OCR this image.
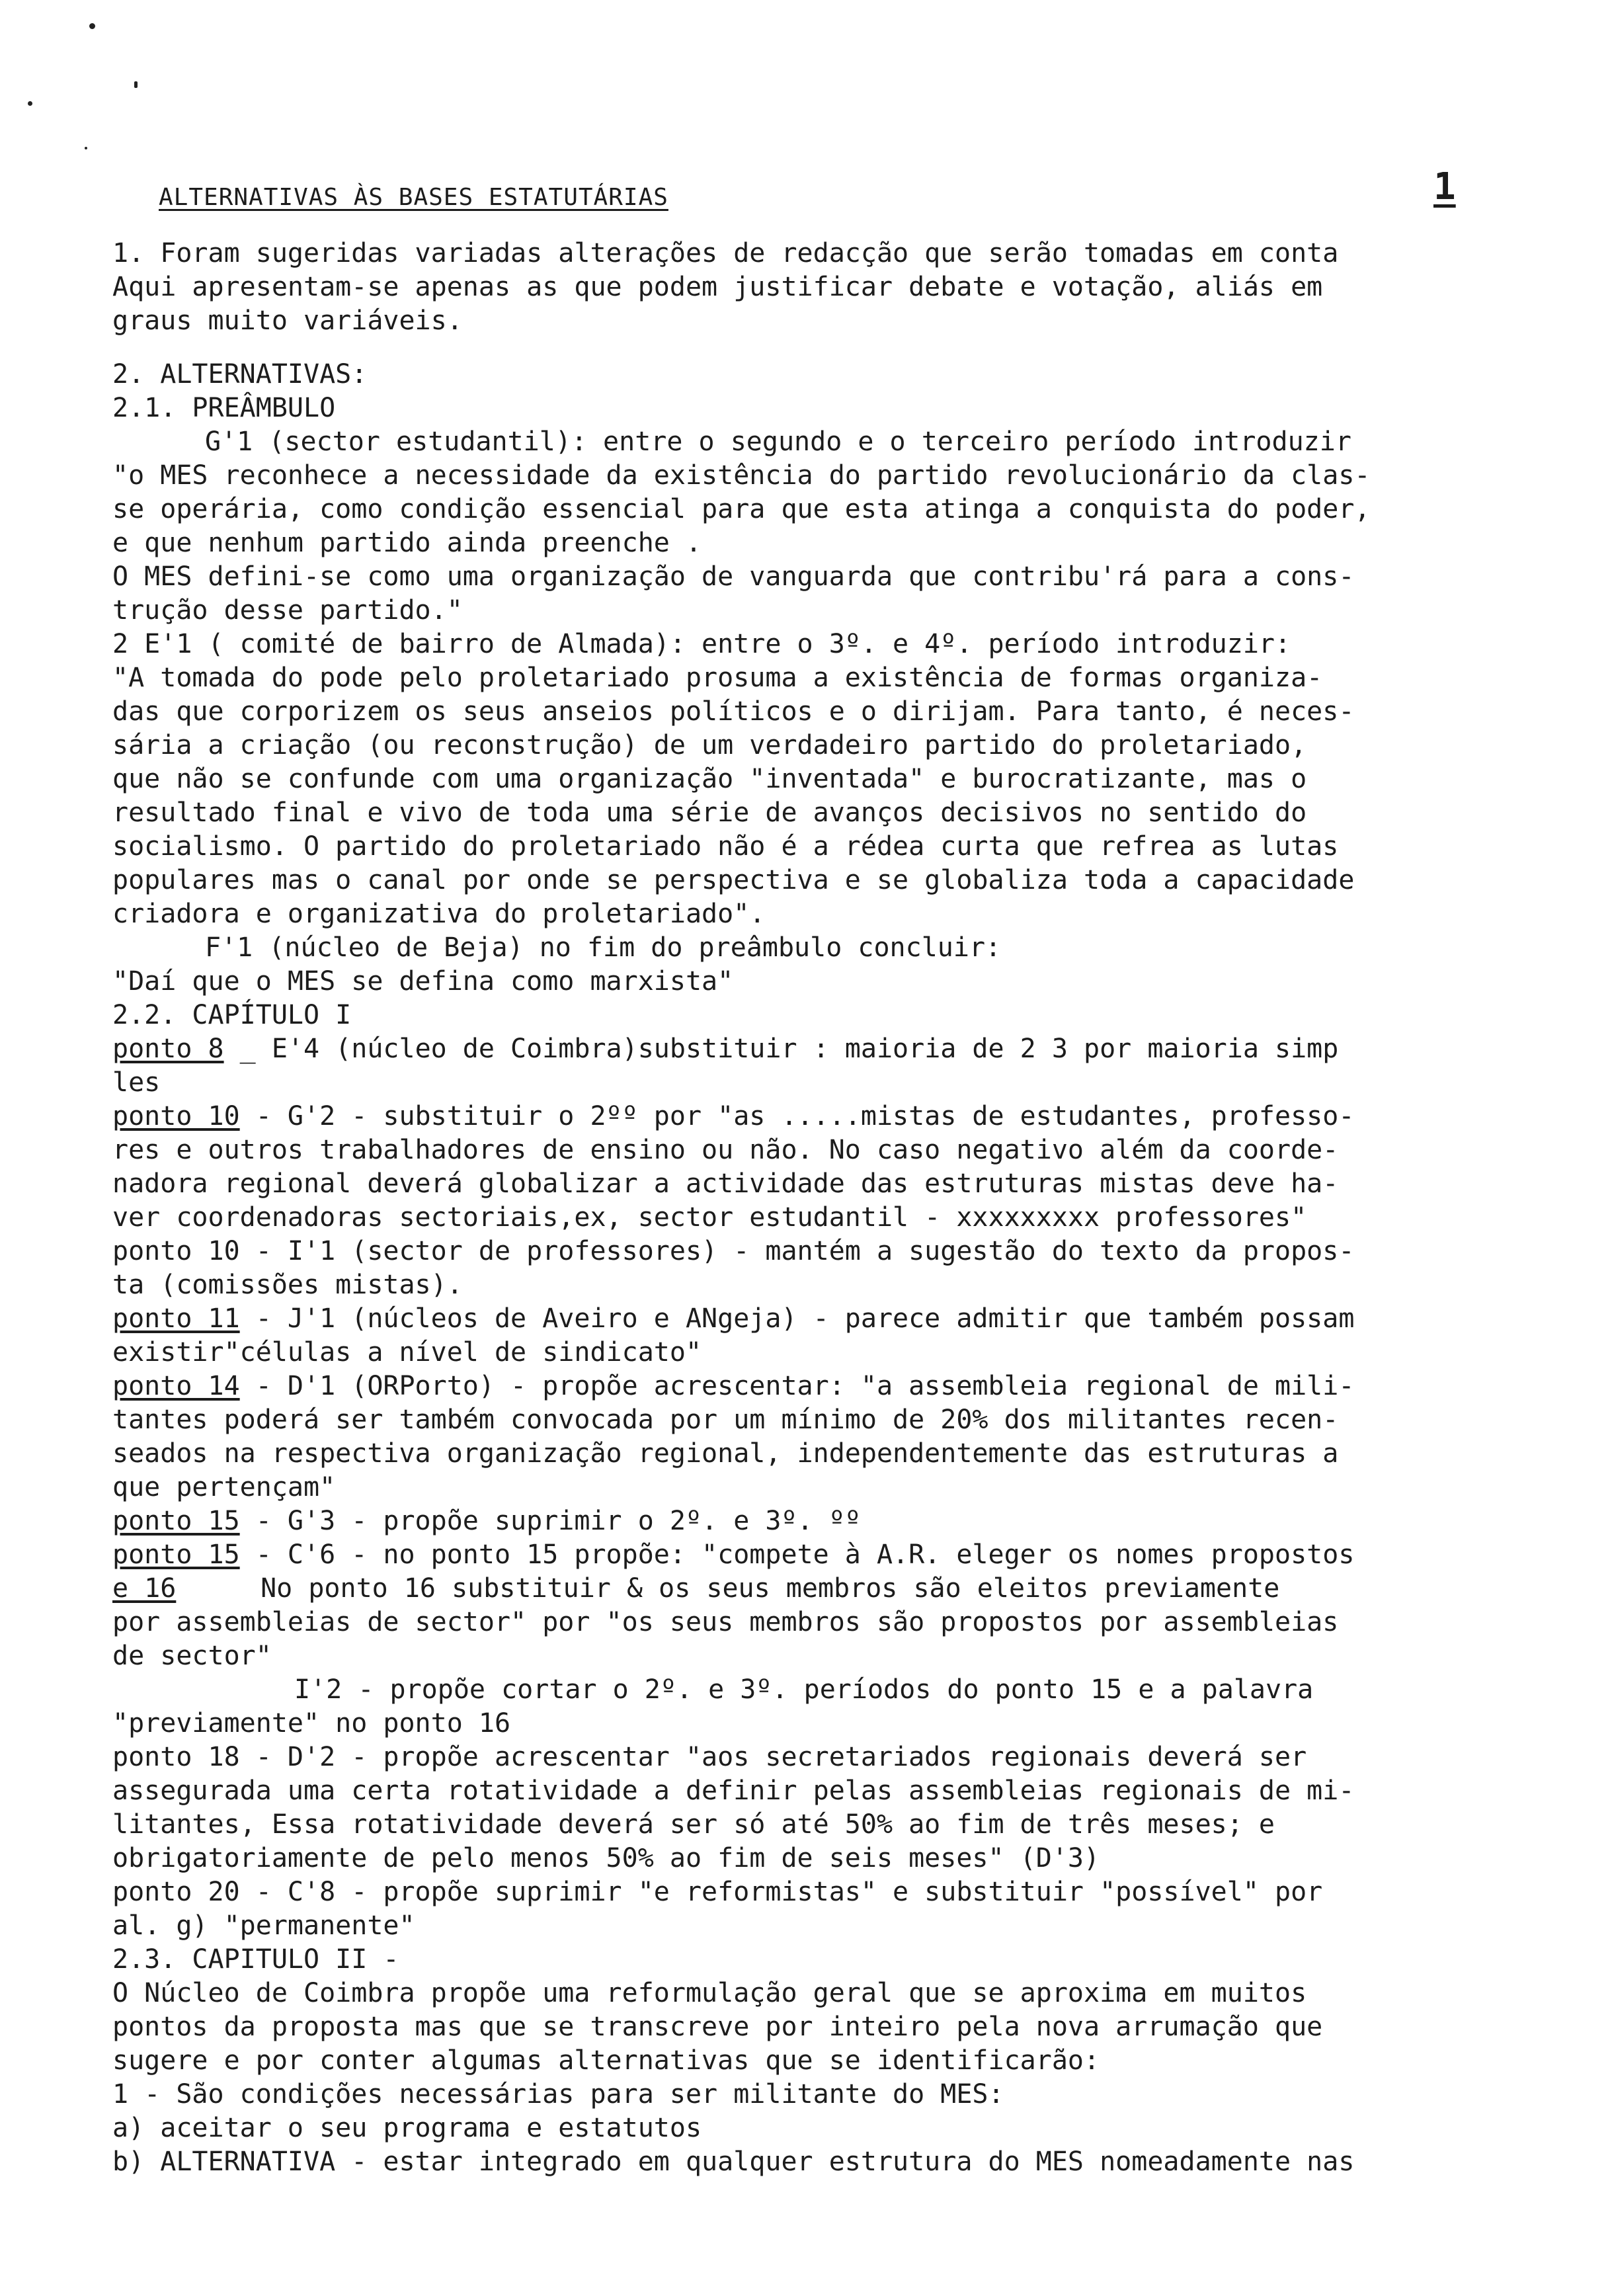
ALTERNATIVAS ÀS BASES ESTATUTÁRIAS	1
1. Foram sugeridas variadas alterações de redacção que serão tomadas em conta
Aqui apresentam-se apenas as que podem justificar debate e votação, aliás em
graus muito variáveis.
2. ALTERNATIVAS:
2.1. PREÂMBULO
G'1 (sector estudantil): entre o segundo e o terceiro período introduzir
"o MES reconhece a necessidade da existência do partido revolucionário da clas-
se operária, como condição essencial para que esta atinga a conquista do poder,
e que nenhum partido ainda preenche .
O MES defini-se como uma organização de vanguarda que contribu'rá para a cons-
trução desse partido."
2 E'1 ( comité de bairro de Almada): entre o 3º. e 4º. período introduzir:
"A tomada do pode pelo proletariado prosuma a existência de formas organiza-
das que corporizem os seus anseios políticos e o dirijam. Para tanto, é neces-
sária a criação (ou reconstrução) de um verdadeiro partido do proletariado,
que não se confunde com uma organização "inventada" e burocratizante, mas o
resultado final e vivo de toda uma série de avanços decisivos no sentido do
socialismo. O partido do proletariado não é a rédea curta que refrea as lutas
populares mas o canal por onde se perspectiva e se globaliza toda a capacidade
criadora e organizativa do proletariado".
F'1 (núcleo de Beja) no fim do preâmbulo concluir:
"Daí que o MES se defina como marxista"
2.2. CAPÍTULO I
ponto 8 _ E'4 (núcleo de Coimbra)substituir : maioria de 2 3 por maioria simp
les
ponto 10 - G'2 - substituir o 2ºº por "as .....mistas de estudantes, professo-
res e outros trabalhadores de ensino ou não. No caso negativo além da coorde-
nadora regional deverá globalizar a actividade das estruturas mistas deve ha-
ver coordenadoras sectoriais,ex, sector estudantil - xxxxxxxxx professores"
ponto 10 - I'1 (sector de professores) - mantém a sugestão do texto da propos-
ta (comissões mistas).
ponto 11 - J'1 (núcleos de Aveiro e ANgeja) - parece admitir que também possam
existir"células a nível de sindicato"
ponto 14 - D'1 (ORPorto) - propõe acrescentar: "a assembleia regional de mili-
tantes poderá ser também convocada por um mínimo de 20% dos militantes recen-
seados na respectiva organização regional, independentemente das estruturas a
que pertençam"
ponto 15 - G'3 - propõe suprimir o 2º. e 3º. ºº
ponto 15 - C'6 - no ponto 15 propõe: "compete à A.R. eleger os nomes propostos
e 16	No ponto 16 substituir & os seus membros são eleitos previamente
por assembleias de sector" por "os seus membros são propostos por assembleias
de sector"
I'2 - propõe cortar o 2º. e 3º. períodos do ponto 15 e a palavra
"previamente" no ponto 16
ponto 18 - D'2 - propõe acrescentar "aos secretariados regionais deverá ser
assegurada uma certa rotatividade a definir pelas assembleias regionais de mi-
litantes, Essa rotatividade deverá ser só até 50% ao fim de três meses; e
obrigatoriamente de pelo menos 50% ao fim de seis meses" (D'3)
ponto 20 - C'8 - propõe suprimir "e reformistas" e substituir "possível" por
al. g) "permanente"
2.3. CAPITULO II -
O Núcleo de Coimbra propõe uma reformulação geral que se aproxima em muitos
pontos da proposta mas que se transcreve por inteiro pela nova arrumação que
sugere e por conter algumas alternativas que se identificarão:
1 - São condições necessárias para ser militante do MES:
a) aceitar o seu programa e estatutos
b) ALTERNATIVA - estar integrado em qualquer estrutura do MES nomeadamente nas
